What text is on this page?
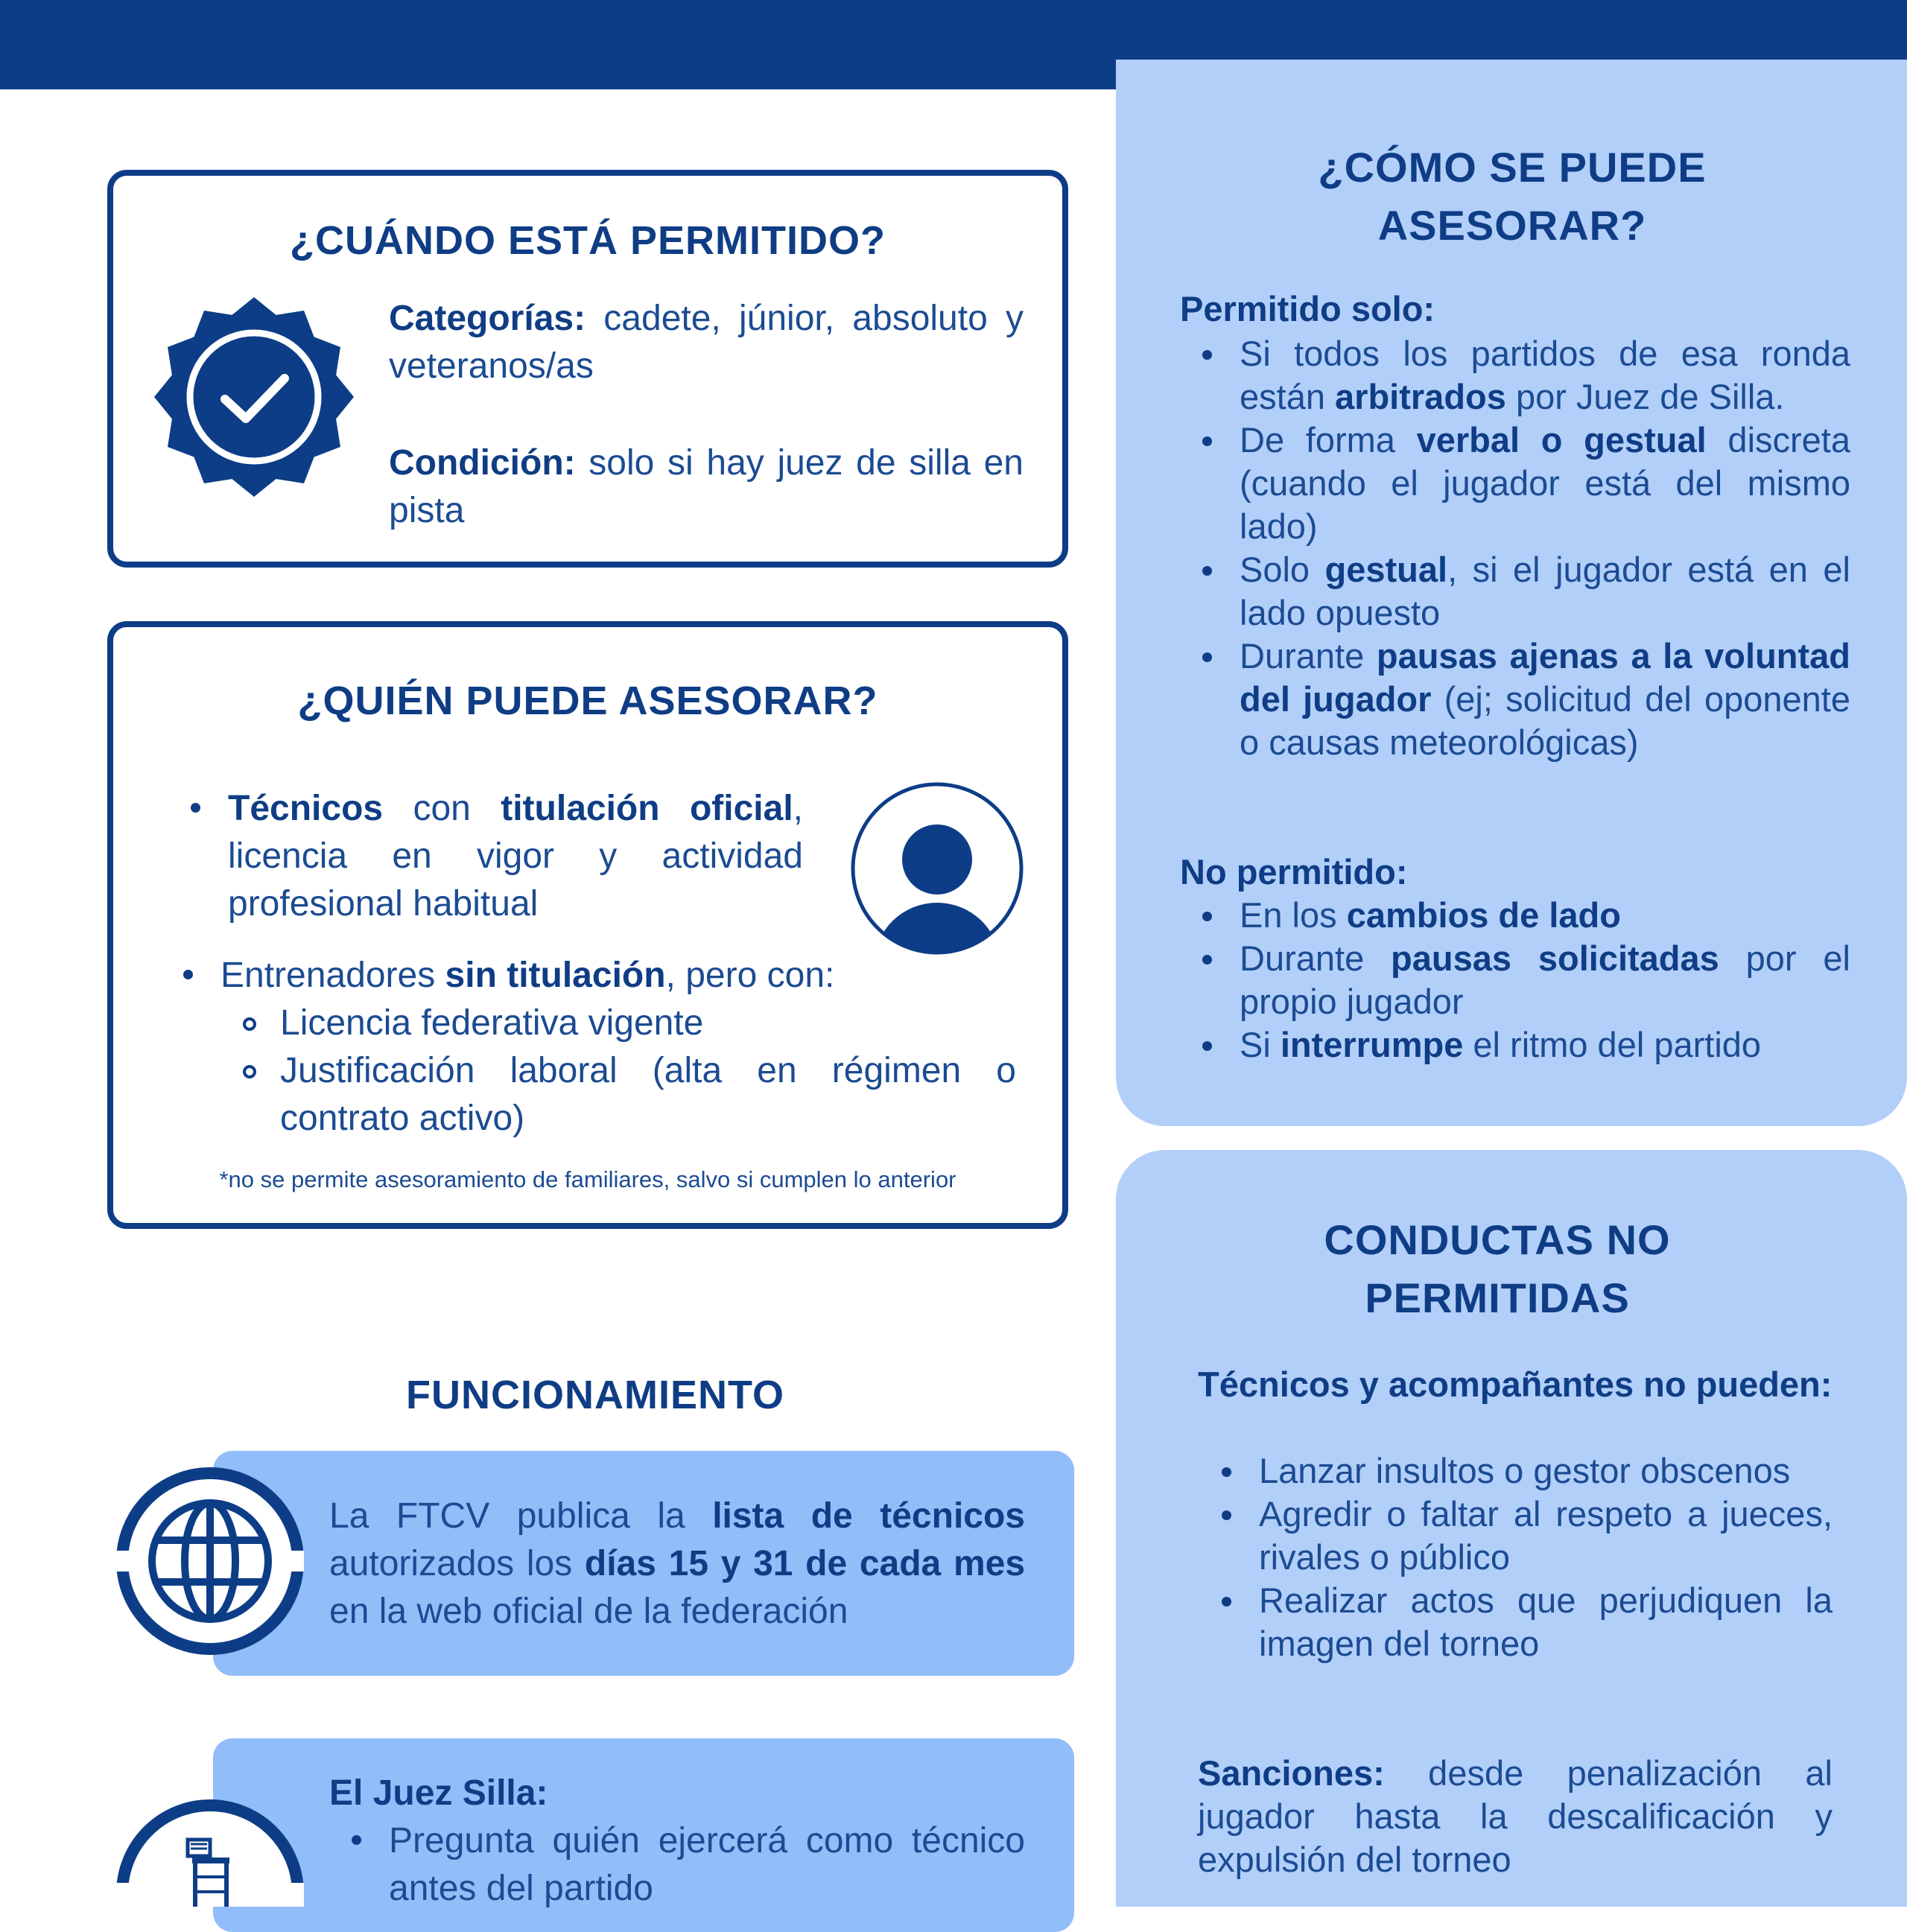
¿CUÁNDO ESTÁ PERMITIDO?

Categorías: cadete, júnior, absoluto y veteranos/as

Condición: solo si hay juez de silla en pista

¿QUIÉN PUEDE ASESORAR?
Técnicos con titulación oficial, licencia en vigor y actividad profesional habitual
Entrenadores sin titulación, pero con:
Licencia federativa vigente
Justificación laboral (alta en régimen o contrato activo)

*no se permite asesoramiento de familiares, salvo si cumplen lo anterior

FUNCIONAMIENTO

La FTCV publica la lista de técnicos autorizados los días 15 y 31 de cada mes en la web oficial de la federación

El Juez Silla:

Pregunta quién ejercerá como técnico antes del partido
¿CÓMO SE PUEDE
ASESORAR?

Permitido solo:

Si todos los partidos de esa ronda están arbitrados por Juez de Silla.
De forma verbal o gestual discreta (cuando el jugador está del mismo lado)
Solo gestual, si el jugador está en el lado opuesto
Durante pausas ajenas a la voluntad del jugador (ej; solicitud del oponente o causas meteorológicas)

No permitido:

En los cambios de lado
Durante pausas solicitadas por el propio jugador
Si interrumpe el ritmo del partido
CONDUCTAS NO
PERMITIDAS

Técnicos y acompañantes no pueden:

Lanzar insultos o gestor obscenos
Agredir o faltar al respeto a jueces, rivales o público
Realizar actos que perjudiquen la imagen del torneo

Sanciones: desde penalización al jugador hasta la descalificación y expulsión del torneo
